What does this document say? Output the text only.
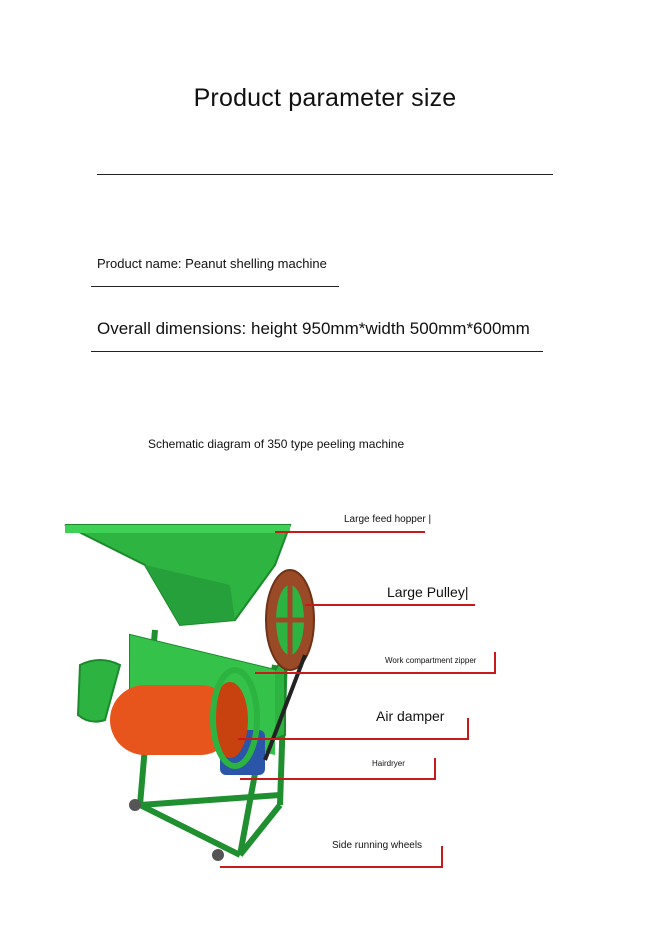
Product parameter size
Product name: Peanut shelling machine
Overall dimensions: height 950mm*width 500mm*600mm
Schematic diagram of 350 type peeling machine
Large feed hopper |
Large Pulley|
Work compartment zipper
Air damper
Hairdryer
Side running wheels
